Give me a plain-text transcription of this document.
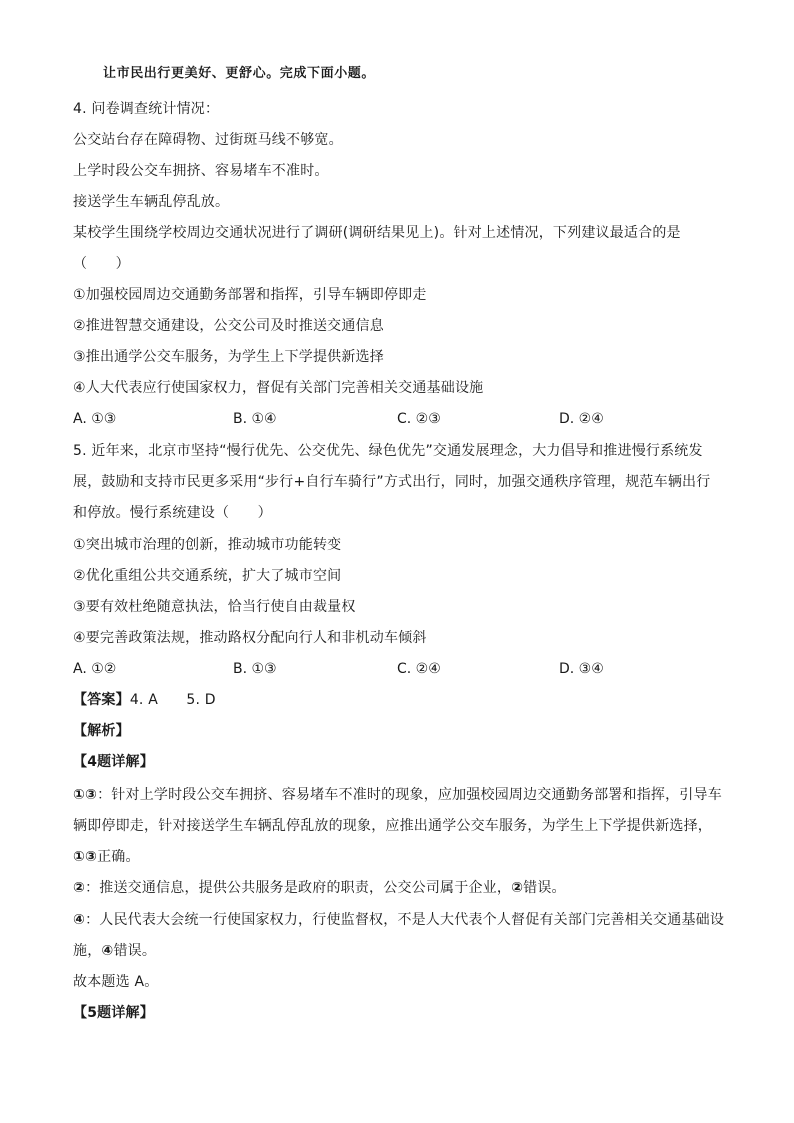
让市民出行更美好、更舒心。完成下面小题。
4. 问卷调查统计情况：
公交站台存在障碍物、过街斑马线不够宽。
上学时段公交车拥挤、容易堵车不准时。
接送学生车辆乱停乱放。
某校学生围绕学校周边交通状况进行了调研(调研结果见上)。针对上述情况，下列建议最适合的是
（　　）
①加强校园周边交通勤务部署和指挥，引导车辆即停即走
②推进智慧交通建设，公交公司及时推送交通信息
③推出通学公交车服务，为学生上下学提供新选择
④人大代表应行使国家权力，督促有关部门完善相关交通基础设施
A. ①③	B. ①④	C. ②③	D. ②④
5. 近年来，北京市坚持“慢行优先、公交优先、绿色优先”交通发展理念，大力倡导和推进慢行系统发
展，鼓励和支持市民更多采用“步行+自行车骑行”方式出行，同时，加强交通秩序管理，规范车辆出行
和停放。慢行系统建设（　　）
①突出城市治理的创新，推动城市功能转变
②优化重组公共交通系统，扩大了城市空间
③要有效杜绝随意执法，恰当行使自由裁量权
④要完善政策法规，推动路权分配向行人和非机动车倾斜
A. ①②	B. ①③	C. ②④	D. ③④
【答案】4. A　　5. D
【解析】
【4题详解】
①③：针对上学时段公交车拥挤、容易堵车不准时的现象，应加强校园周边交通勤务部署和指挥，引导车
辆即停即走，针对接送学生车辆乱停乱放的现象，应推出通学公交车服务，为学生上下学提供新选择，
①③正确。
②：推送交通信息，提供公共服务是政府的职责，公交公司属于企业，②错误。
④：人民代表大会统一行使国家权力，行使监督权，不是人大代表个人督促有关部门完善相关交通基础设
施，④错误。
故本题选 A。
【5题详解】
